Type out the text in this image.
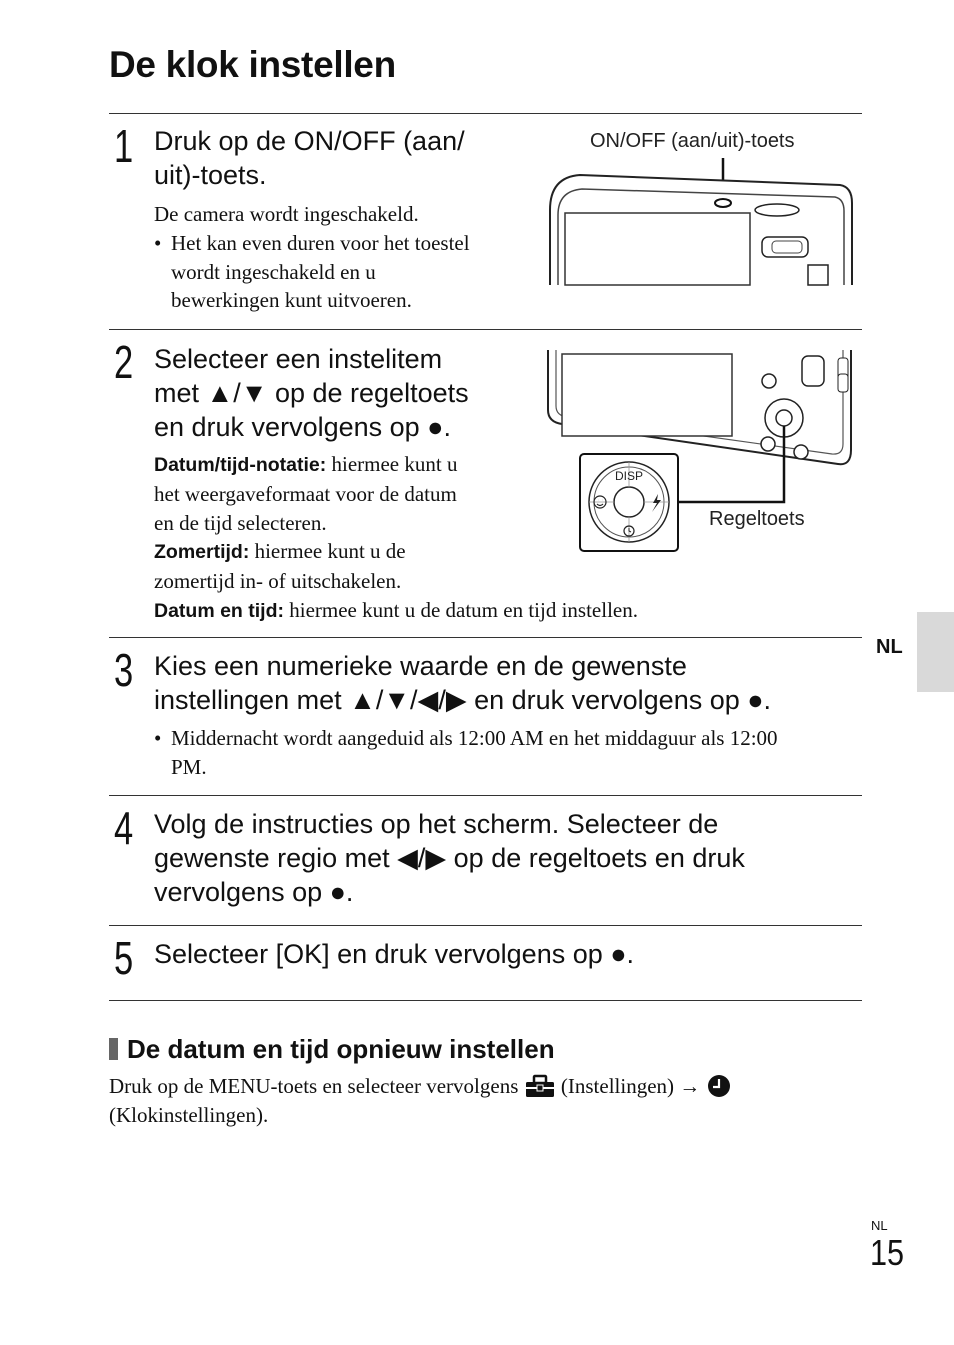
De klok instellen
1 Druk op de ON/OFF (aan/
uit)-toets.
De camera wordt ingeschakeld.
• Het kan even duren voor het toestel
wordt ingeschakeld en u
bewerkingen kunt uitvoeren.
ON/OFF (aan/uit)-toets
2 Selecteer een instelitem
met ▲/▼ op de regeltoets
en druk vervolgens op ●.
Datum/tijd-notatie: hiermee kunt u
het weergaveformaat voor de datum
en de tijd selecteren.
Zomertijd: hiermee kunt u de
zomertijd in- of uitschakelen.
Datum en tijd: hiermee kunt u de datum en tijd instellen.
DISP
Regeltoets
3 Kies een numerieke waarde en de gewenste
instellingen met ▲/▼/◀/▶ en druk vervolgens op ●.
• Middernacht wordt aangeduid als 12:00 AM en het middaguur als 12:00
PM.
NL
4 Volg de instructies op het scherm. Selecteer de
gewenste regio met ◀/▶ op de regeltoets en druk
vervolgens op ●.
5 Selecteer [OK] en druk vervolgens op ●.
De datum en tijd opnieuw instellen
Druk op de MENU-toets en selecteer vervolgens (Instellingen) →
(Klokinstellingen).
NL
15
